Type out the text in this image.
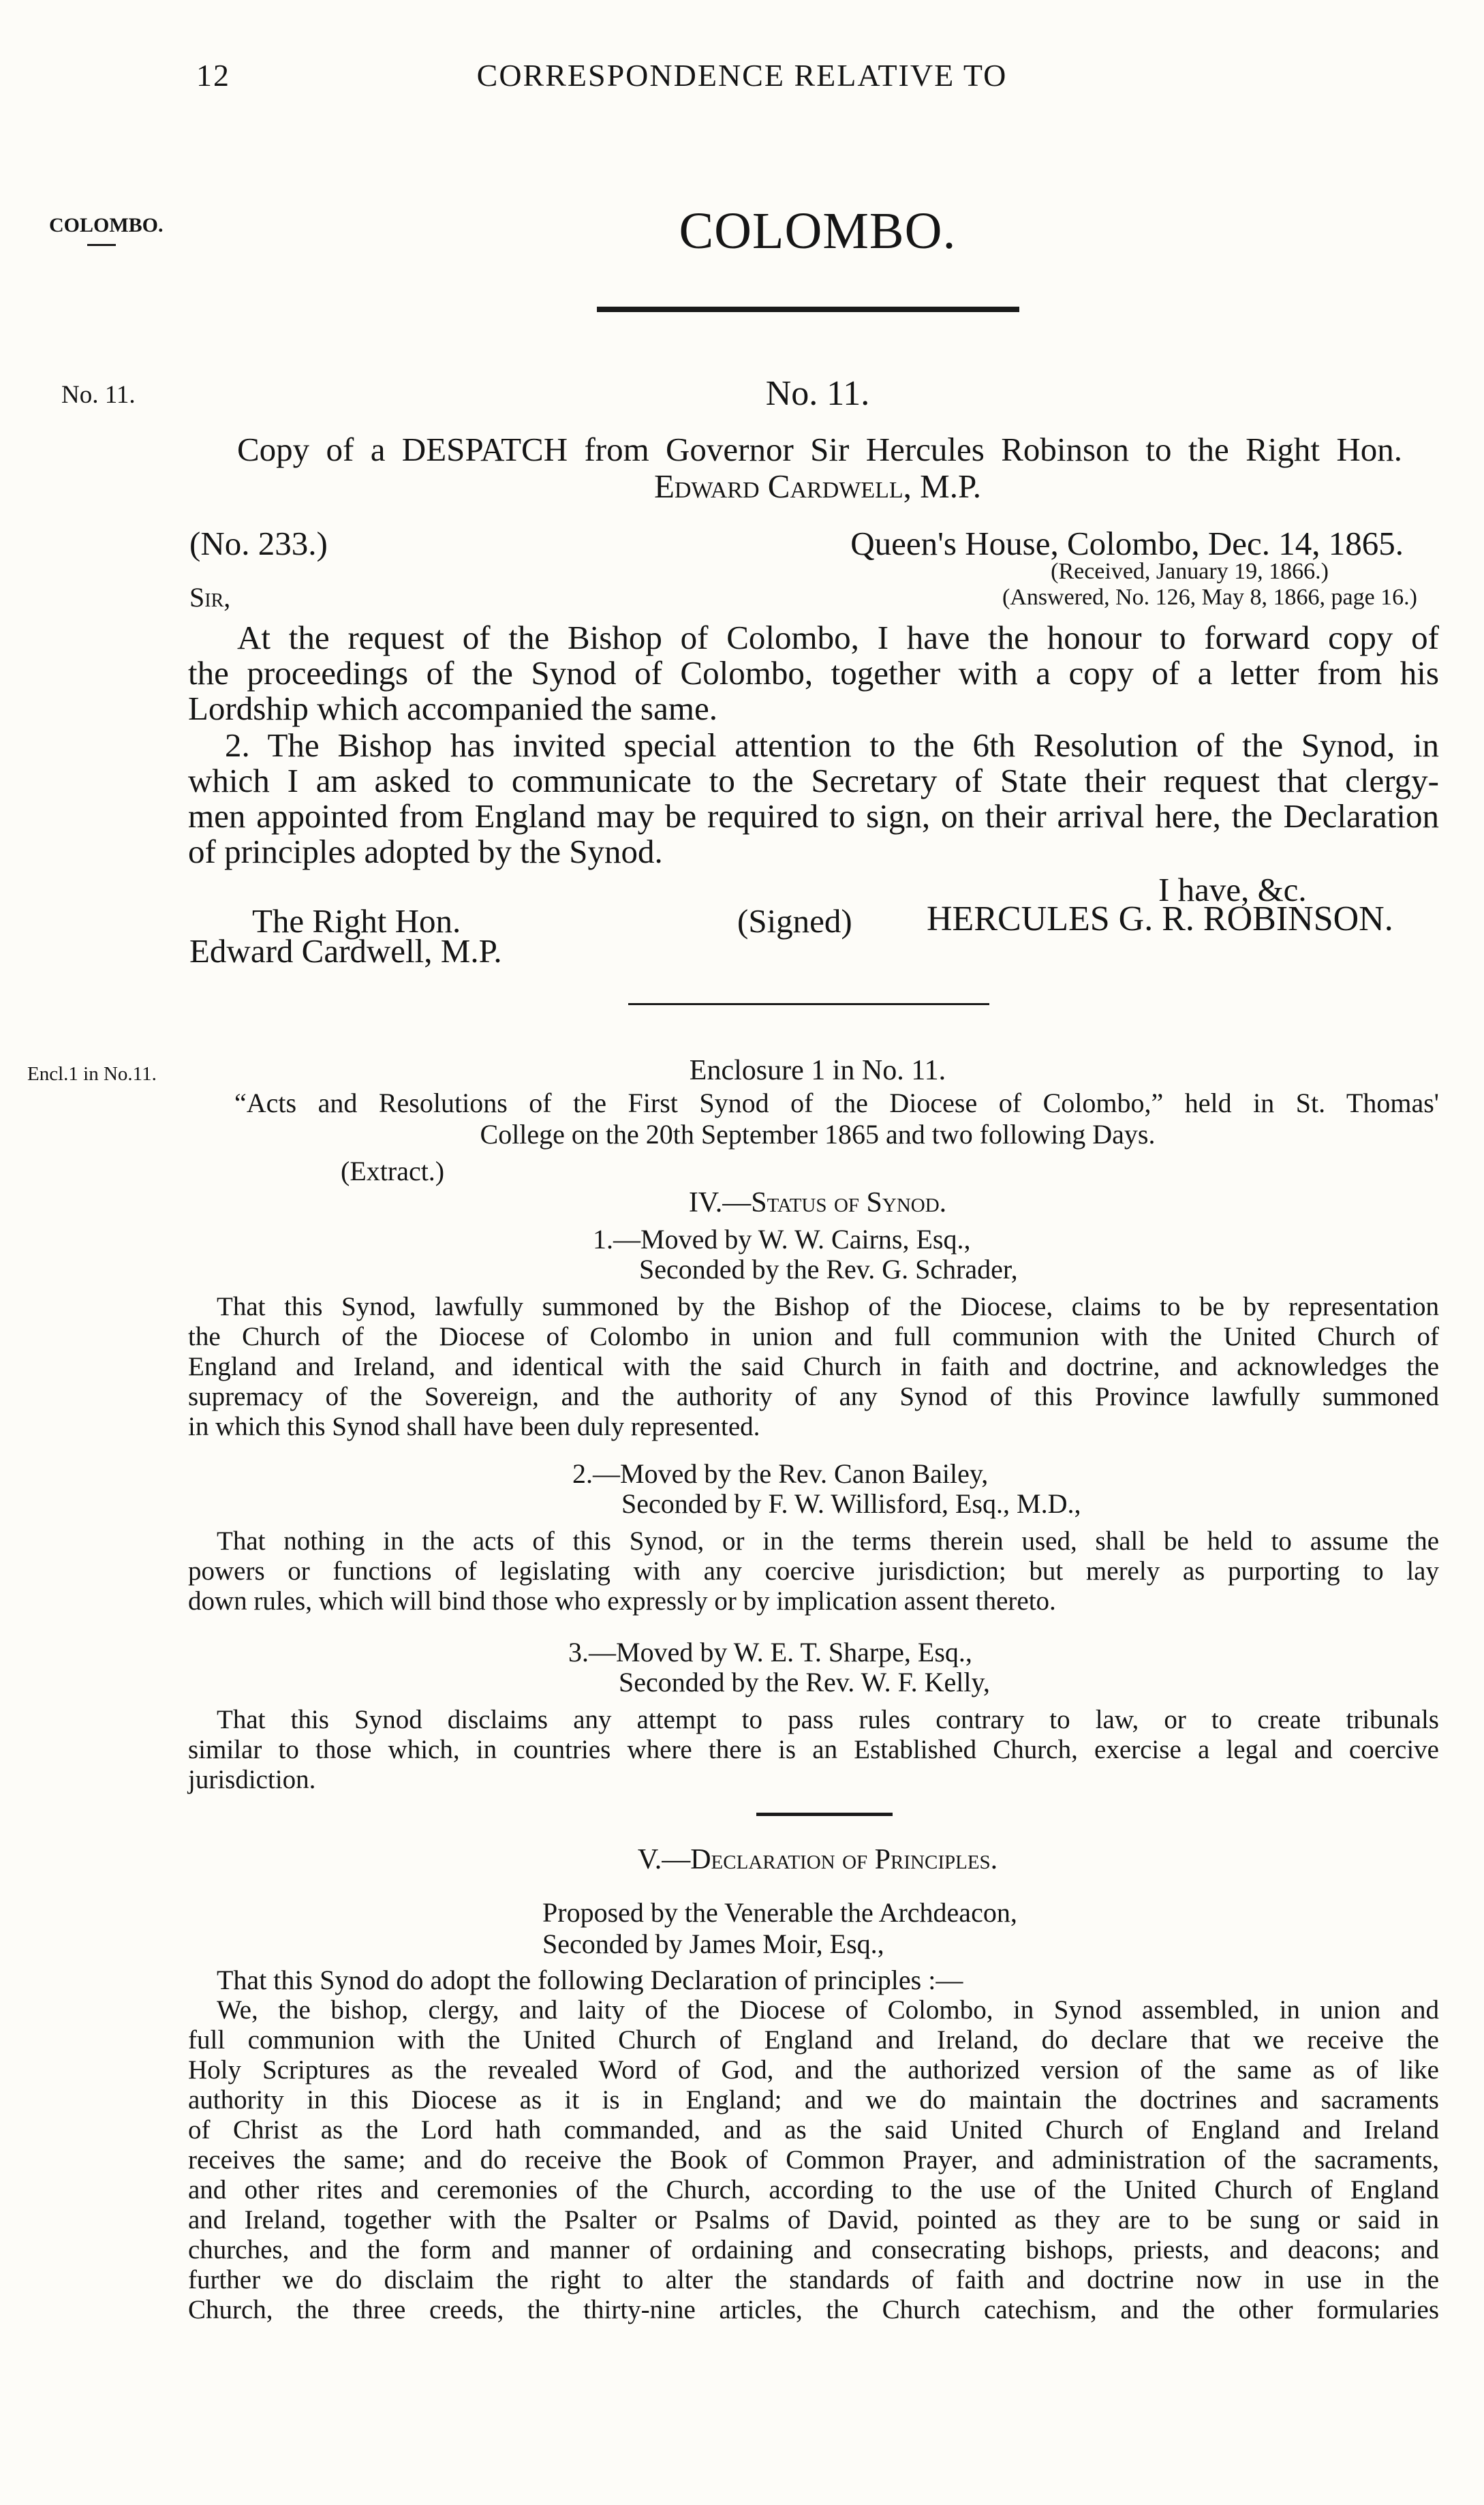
12	CORRESPONDENCE RELATIVE TO
COLOMBO.	COLOMBO.
No. 11.	No. 11.
Copy of a DESPATCH from Governor Sir Hercules Robinson to the Right Hon.
Edward Cardwell, M.P.
(No. 233.)	Queen's House, Colombo, Dec. 14, 1865.
(Received, January 19, 1866.)
Sir,	(Answered, No. 126, May 8, 1866, page 16.)
At the request of the Bishop of Colombo, I have the honour to forward copy of
the proceedings of the Synod of Colombo, together with a copy of a letter from his
Lordship which accompanied the same.
2. The Bishop has invited special attention to the 6th Resolution of the Synod, in
which I am asked to communicate to the Secretary of State their request that clergy-
men appointed from England may be required to sign, on their arrival here, the Declaration
of principles adopted by the Synod.
I have, &c.
The Right Hon.	(Signed) HERCULES G. R. ROBINSON.
Edward Cardwell, M.P.
Encl.1 in No.11.	Enclosure 1 in No. 11.
“Acts and Resolutions of the First Synod of the Diocese of Colombo,” held in St. Thomas'
College on the 20th September 1865 and two following Days.
(Extract.)
IV.—Status of Synod.
1.—Moved by W. W. Cairns, Esq.,
Seconded by the Rev. G. Schrader,
That this Synod, lawfully summoned by the Bishop of the Diocese, claims to be by representation
the Church of the Diocese of Colombo in union and full communion with the United Church of
England and Ireland, and identical with the said Church in faith and doctrine, and acknowledges the
supremacy of the Sovereign, and the authority of any Synod of this Province lawfully summoned
in which this Synod shall have been duly represented.
2.—Moved by the Rev. Canon Bailey,
Seconded by F. W. Willisford, Esq., M.D.,
That nothing in the acts of this Synod, or in the terms therein used, shall be held to assume the
powers or functions of legislating with any coercive jurisdiction; but merely as purporting to lay
down rules, which will bind those who expressly or by implication assent thereto.
3.—Moved by W. E. T. Sharpe, Esq.,
Seconded by the Rev. W. F. Kelly,
That this Synod disclaims any attempt to pass rules contrary to law, or to create tribunals
similar to those which, in countries where there is an Established Church, exercise a legal and coercive
jurisdiction.
V.—Declaration of Principles.
Proposed by the Venerable the Archdeacon,
Seconded by James Moir, Esq.,
That this Synod do adopt the following Declaration of principles :—
We, the bishop, clergy, and laity of the Diocese of Colombo, in Synod assembled, in union and
full communion with the United Church of England and Ireland, do declare that we receive the
Holy Scriptures as the revealed Word of God, and the authorized version of the same as of like
authority in this Diocese as it is in England; and we do maintain the doctrines and sacraments
of Christ as the Lord hath commanded, and as the said United Church of England and Ireland
receives the same; and do receive the Book of Common Prayer, and administration of the sacraments,
and other rites and ceremonies of the Church, according to the use of the United Church of England
and Ireland, together with the Psalter or Psalms of David, pointed as they are to be sung or said in
churches, and the form and manner of ordaining and consecrating bishops, priests, and deacons; and
further we do disclaim the right to alter the standards of faith and doctrine now in use in the
Church, the three creeds, the thirty-nine articles, the Church catechism, and the other formularies
